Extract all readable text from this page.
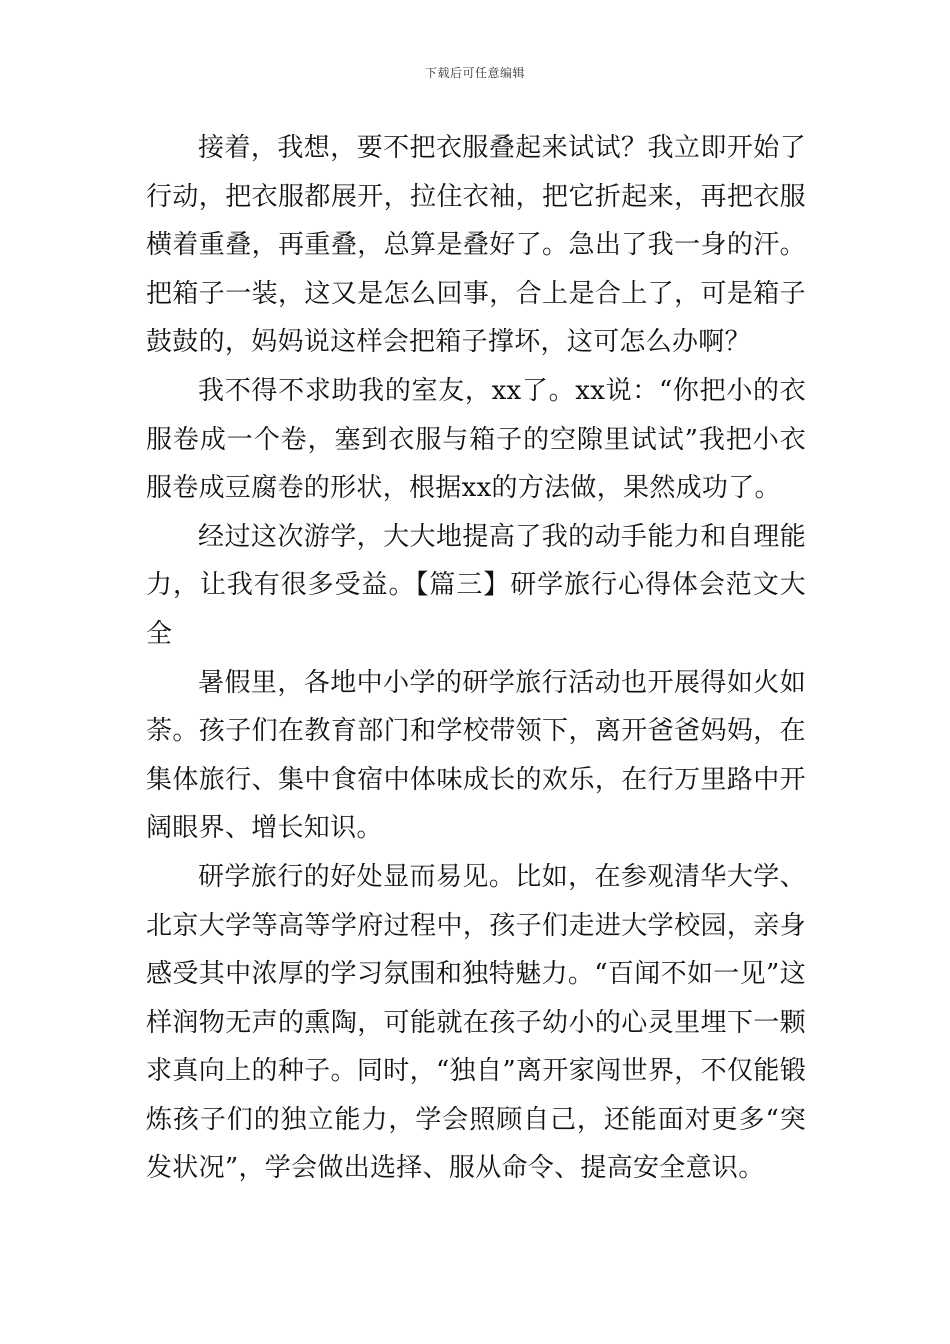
下载后可任意编辑

接着，我想，要不把衣服叠起来试试？我立即开始了行动，把衣服都展开，拉住衣袖，把它折起来，再把衣服横着重叠，再重叠，总算是叠好了。急出了我一身的汗。把箱子一装，这又是怎么回事，合上是合上了，可是箱子鼓鼓的，妈妈说这样会把箱子撑坏，这可怎么办啊？

我不得不求助我的室友，xx了。xx说：“你把小的衣服卷成一个卷，塞到衣服与箱子的空隙里试试”我把小衣服卷成豆腐卷的形状，根据xx的方法做，果然成功了。

经过这次游学，大大地提高了我的动手能力和自理能力，让我有很多受益。【篇三】研学旅行心得体会范文大全

暑假里，各地中小学的研学旅行活动也开展得如火如荼。孩子们在教育部门和学校带领下，离开爸爸妈妈，在集体旅行、集中食宿中体味成长的欢乐，在行万里路中开阔眼界、增长知识。

研学旅行的好处显而易见。比如，在参观清华大学、北京大学等高等学府过程中，孩子们走进大学校园，亲身感受其中浓厚的学习氛围和独特魅力。“百闻不如一见”这样润物无声的熏陶，可能就在孩子幼小的心灵里埋下一颗求真向上的种子。同时，“独自”离开家闯世界，不仅能锻炼孩子们的独立能力，学会照顾自己，还能面对更多“突发状况”，学会做出选择、服从命令、提高安全意识。
